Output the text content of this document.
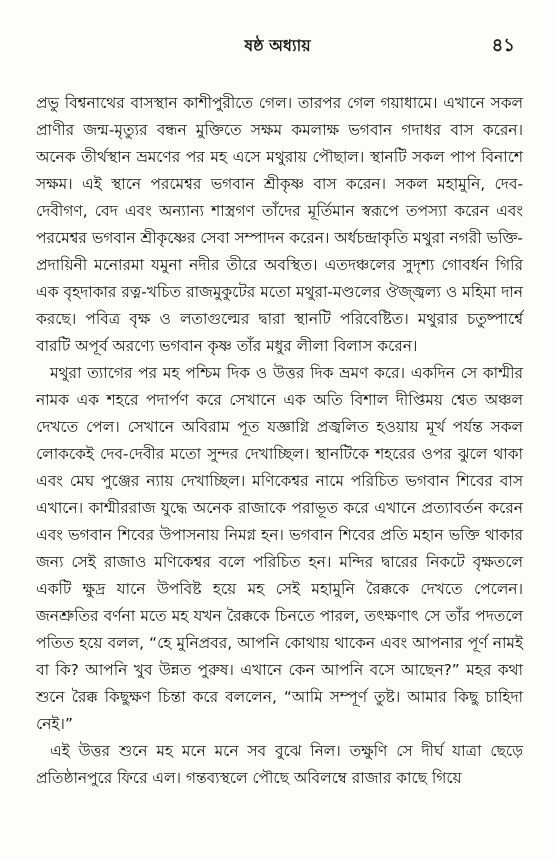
ষষ্ঠ অধ্যায়	৪১

প্রভু বিশ্বনাথের বাসস্থান কাশীপুরীতে গেল। তারপর গেল গয়াধামে। এখানে সকল প্রাণীর জন্ম-মৃত্যুর বন্ধন মুক্তিতে সক্ষম কমলাক্ষ ভগবান গদাধর বাস করেন। অনেক তীর্থস্থান ভ্রমণের পর মহ এসে মথুরায় পৌছাল। স্থানটি সকল পাপ বিনাশে সক্ষম। এই স্থানে পরমেশ্বর ভগবান শ্রীকৃষ্ণ বাস করেন। সকল মহামুনি, দেব-দেবীগণ, বেদ এবং অন্যান্য শাস্ত্রগণ তাঁদের মূর্তিমান স্বরূপে তপস্যা করেন এবং পরমেশ্বর ভগবান শ্রীকৃষ্ণের সেবা সম্পাদন করেন। অর্ধচন্দ্রাকৃতি মথুরা নগরী ভক্তি-প্রদায়িনী মনোরমা যমুনা নদীর তীরে অবস্থিত। এতদঞ্চলের সুদৃশ্য গোবর্ধন গিরি এক বৃহদাকার রত্ন-খচিত রাজমুকুটের মতো মথুরা-মণ্ডলের ঔজ্জ্বল্য ও মহিমা দান করছে। পবিত্র বৃক্ষ ও লতাগুল্মের দ্বারা স্থানটি পরিবেষ্টিত। মথুরার চতুষ্পার্শ্বে বারটি অপূর্ব অরণ্যে ভগবান কৃষ্ণ তাঁর মধুর লীলা বিলাস করেন।

মথুরা ত্যাগের পর মহ পশ্চিম দিক ও উত্তর দিক ভ্রমণ করে। একদিন সে কাশ্মীর নামক এক শহরে পদার্পণ করে সেখানে এক অতি বিশাল দীপ্তিময় শ্বেত অঞ্চল দেখতে পেল। সেখানে অবিরাম পূত যজ্ঞাগ্নি প্রজ্বলিত হওয়ায় মূর্খ পর্যন্ত সকল লোককেই দেব-দেবীর মতো সুন্দর দেখাচ্ছিল। স্থানটিকে শহরের ওপর ঝুলে থাকা এবং মেঘ পুঞ্জের ন্যায় দেখাচ্ছিল। মণিকেশ্বর নামে পরিচিত ভগবান শিবের বাস এখানে। কাশ্মীররাজ যুদ্ধে অনেক রাজাকে পরাভূত করে এখানে প্রত্যাবর্তন করেন এবং ভগবান শিবের উপাসনায় নিমগ্ন হন। ভগবান শিবের প্রতি মহান ভক্তি থাকার জন্য সেই রাজাও মণিকেশ্বর বলে পরিচিত হন। মন্দির দ্বারের নিকটে বৃক্ষতলে একটি ক্ষুদ্র যানে উপবিষ্ট হয়ে মহ সেই মহামুনি রৈক্ককে দেখতে পেলেন। জনশ্রুতির বর্ণনা মতে মহ যখন রৈক্ককে চিনতে পারল, তৎক্ষণাৎ সে তাঁর পদতলে পতিত হয়ে বলল, “হে মুনিপ্রবর, আপনি কোথায় থাকেন এবং আপনার পূর্ণ নামই বা কি? আপনি খুব উন্নত পুরুষ। এখানে কেন আপনি বসে আছেন?” মহর কথা শুনে রৈক্ক কিছুক্ষণ চিন্তা করে বললেন, “আমি সম্পূর্ণ তুষ্ট। আমার কিছু চাহিদা নেই।”

এই উত্তর শুনে মহ মনে মনে সব বুঝে নিল। তক্ষুণি সে দীর্ঘ যাত্রা ছেড়ে প্রতিষ্ঠানপুরে ফিরে এল। গন্তব্যস্থলে পৌছে অবিলম্বে রাজার কাছে গিয়ে
